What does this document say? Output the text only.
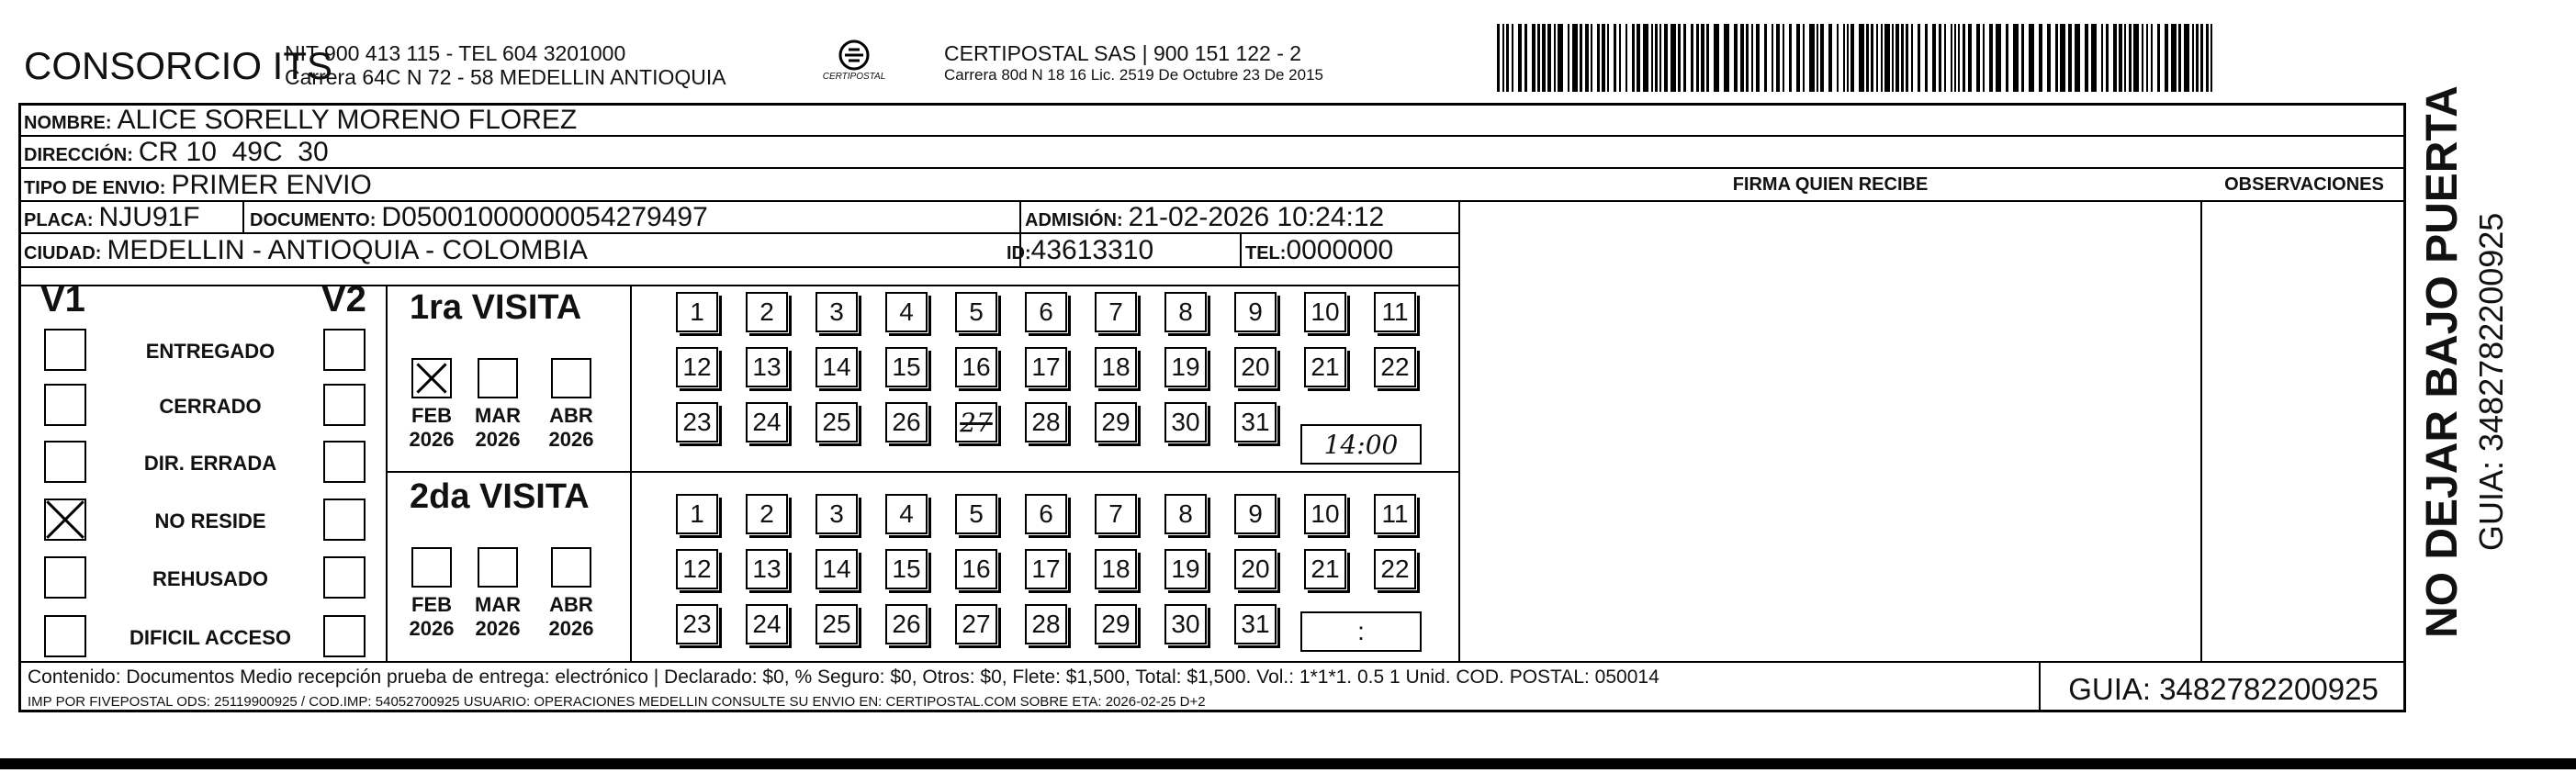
CONSORCIO ITS
NIT 900 413 115 - TEL 604 3201000
Carrera 64C N 72 - 58 MEDELLIN ANTIOQUIA	CERTIPOSTAL
CERTIPOSTAL SAS | 900 151 122 - 2
Carrera 80d N 18 16 Lic. 2519 De Octubre 23 De 2015
NOMBRE: ALICE SORELLY MORENO FLOREZ
DIRECCIÓN: CR 10  49C  30
TIPO DE ENVIO: PRIMER ENVIO	FIRMA QUIEN RECIBE	OBSERVACIONES
PLACA: NJU91F	DOCUMENTO: D05001000000054279497	ADMISIÓN: 21-02-2026 10:24:12
CIUDAD: MEDELLIN - ANTIOQUIA - COLOMBIA	ID: 43613310	TEL: 0000000
V1	V2
ENTREGADO
CERRADO
DIR. ERRADA
NO RESIDE
REHUSADO
DIFICIL ACCESO
1ra VISITA
2da VISITA
FEB
2026
MAR
2026
ABR
2026
FEB
2026
MAR
2026
ABR
2026
1	2	3	4	5	6	7	8	9	10	11
12 13 14 15 16 17 18 19 20 21 22
23 24 25 26 27 28 29 30 31
1	2	3	4	5	6	7	8	9	10	11
12 13 14 15 16 17 18 19 20 21 22
23 24 25 26 27 28 29 30 31
14:00
:
Contenido: Documentos Medio recepción prueba de entrega: electrónico | Declarado: $0, % Seguro: $0, Otros: $0, Flete: $1,500, Total: $1,500. Vol.: 1*1*1. 0.5 1 Unid. COD. POSTAL: 050014
IMP POR FIVEPOSTAL ODS: 25119900925 / COD.IMP: 54052700925 USUARIO: OPERACIONES MEDELLIN CONSULTE SU ENVIO EN: CERTIPOSTAL.COM SOBRE ETA: 2026-02-25 D+2	GUIA: 3482782200925
NO DEJAR BAJO PUERTA GUIA: 3482782200925
